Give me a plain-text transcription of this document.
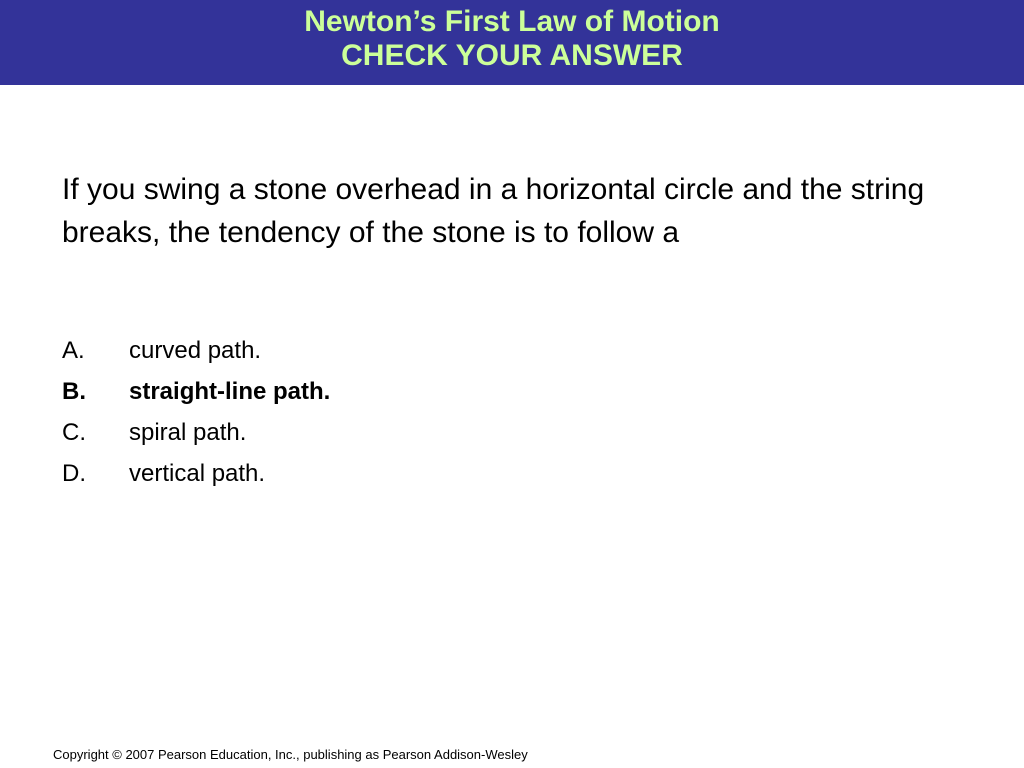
Newton’s First Law of Motion
CHECK YOUR ANSWER

If you swing a stone overhead in a horizontal circle and the string breaks, the tendency of the stone is to follow a

A.	curved path.
B.	straight-line path.
C.	spiral path.
D.	vertical path.
Copyright © 2007 Pearson Education, Inc., publishing as Pearson Addison-Wesley
